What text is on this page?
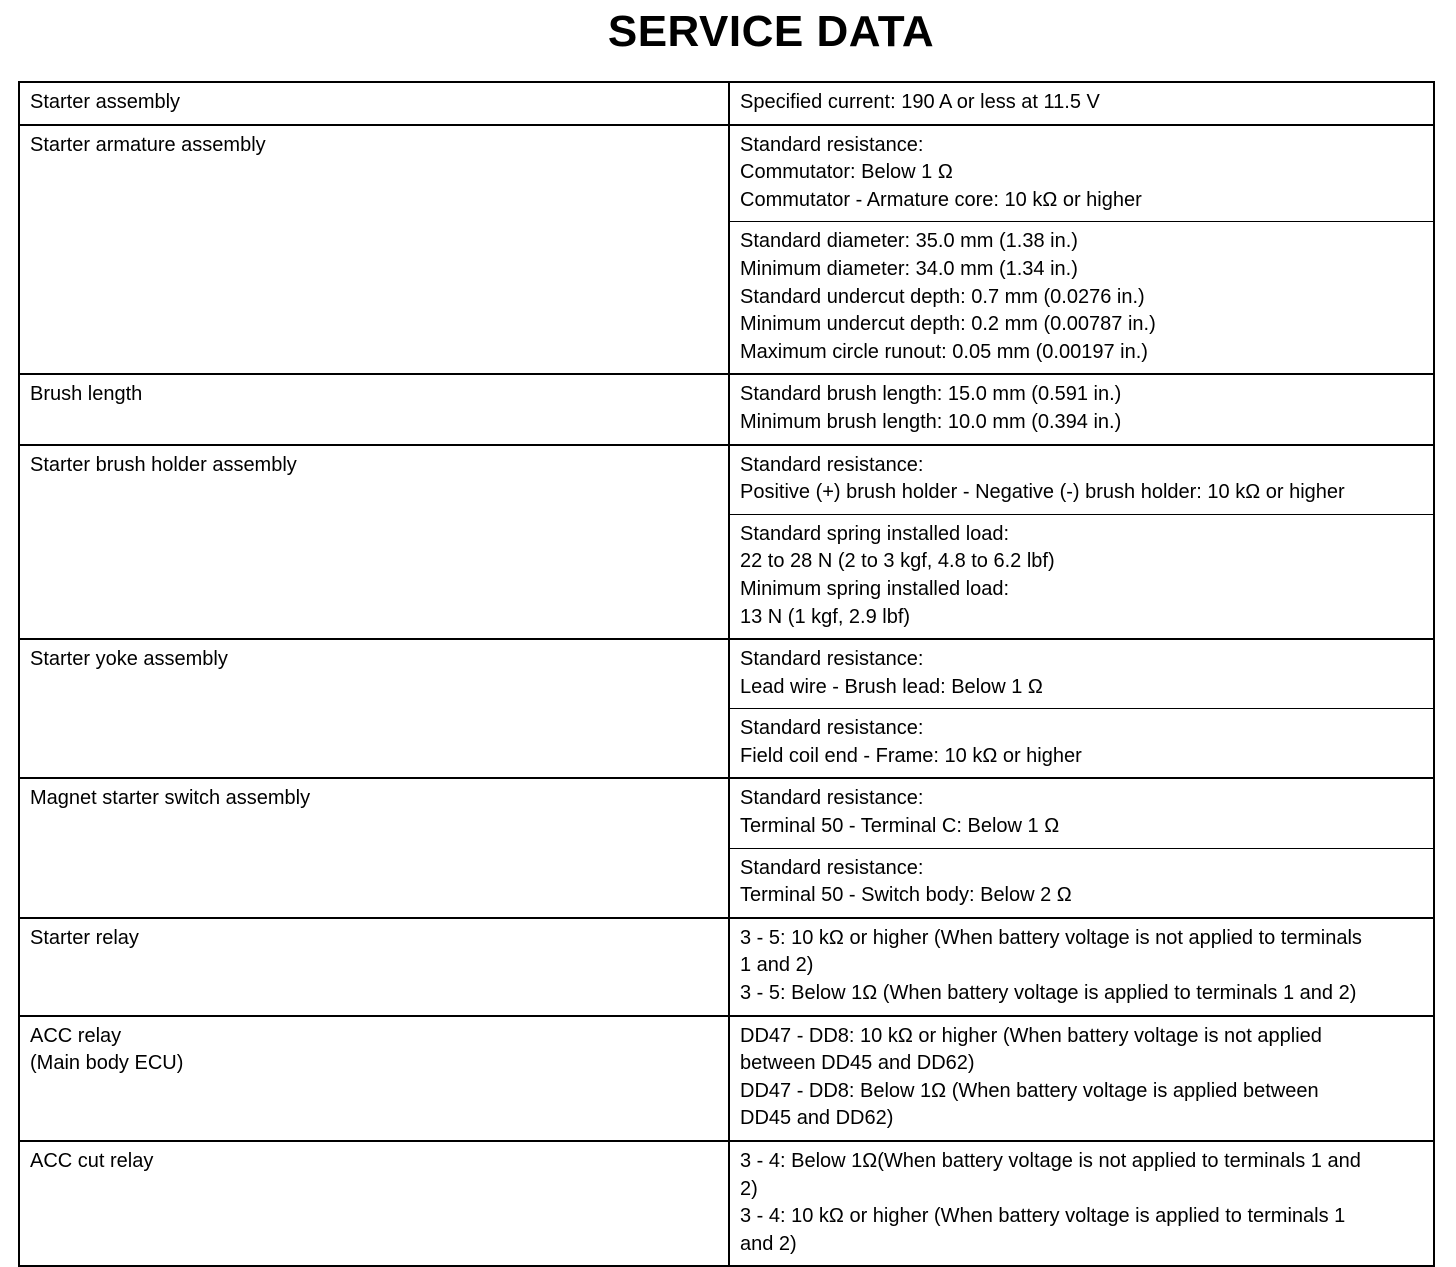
SERVICE DATA
Starter assembly	Specified current: 190 A or less at 11.5 V

Starter armature assembly	Standard resistance:
Commutator: Below 1 Ω
Commutator - Armature core: 10 kΩ or higher

	Standard diameter: 35.0 mm (1.38 in.)
Minimum diameter: 34.0 mm (1.34 in.)
Standard undercut depth: 0.7 mm (0.0276 in.)
Minimum undercut depth: 0.2 mm (0.00787 in.)
Maximum circle runout: 0.05 mm (0.00197 in.)

Brush length	Standard brush length: 15.0 mm (0.591 in.)
Minimum brush length: 10.0 mm (0.394 in.)

Starter brush holder assembly	Standard resistance:
Positive (+) brush holder - Negative (-) brush holder: 10 kΩ or higher

	Standard spring installed load:
22 to 28 N (2 to 3 kgf, 4.8 to 6.2 lbf)
Minimum spring installed load:
13 N (1 kgf, 2.9 lbf)

Starter yoke assembly	Standard resistance:
Lead wire - Brush lead: Below 1 Ω

	Standard resistance:
Field coil end - Frame: 10 kΩ or higher

Magnet starter switch assembly	Standard resistance:
Terminal 50 - Terminal C: Below 1 Ω

	Standard resistance:
Terminal 50 - Switch body: Below 2 Ω

Starter relay	3 - 5: 10 kΩ or higher (When battery voltage is not applied to terminals
1 and 2)
3 - 5: Below 1Ω (When battery voltage is applied to terminals 1 and 2)

ACC relay
(Main body ECU)	DD47 - DD8: 10 kΩ or higher (When battery voltage is not applied
between DD45 and DD62)
DD47 - DD8: Below 1Ω (When battery voltage is applied between
DD45 and DD62)

ACC cut relay	3 - 4: Below 1Ω(When battery voltage is not applied to terminals 1 and
2)
3 - 4: 10 kΩ or higher (When battery voltage is applied to terminals 1
and 2)
